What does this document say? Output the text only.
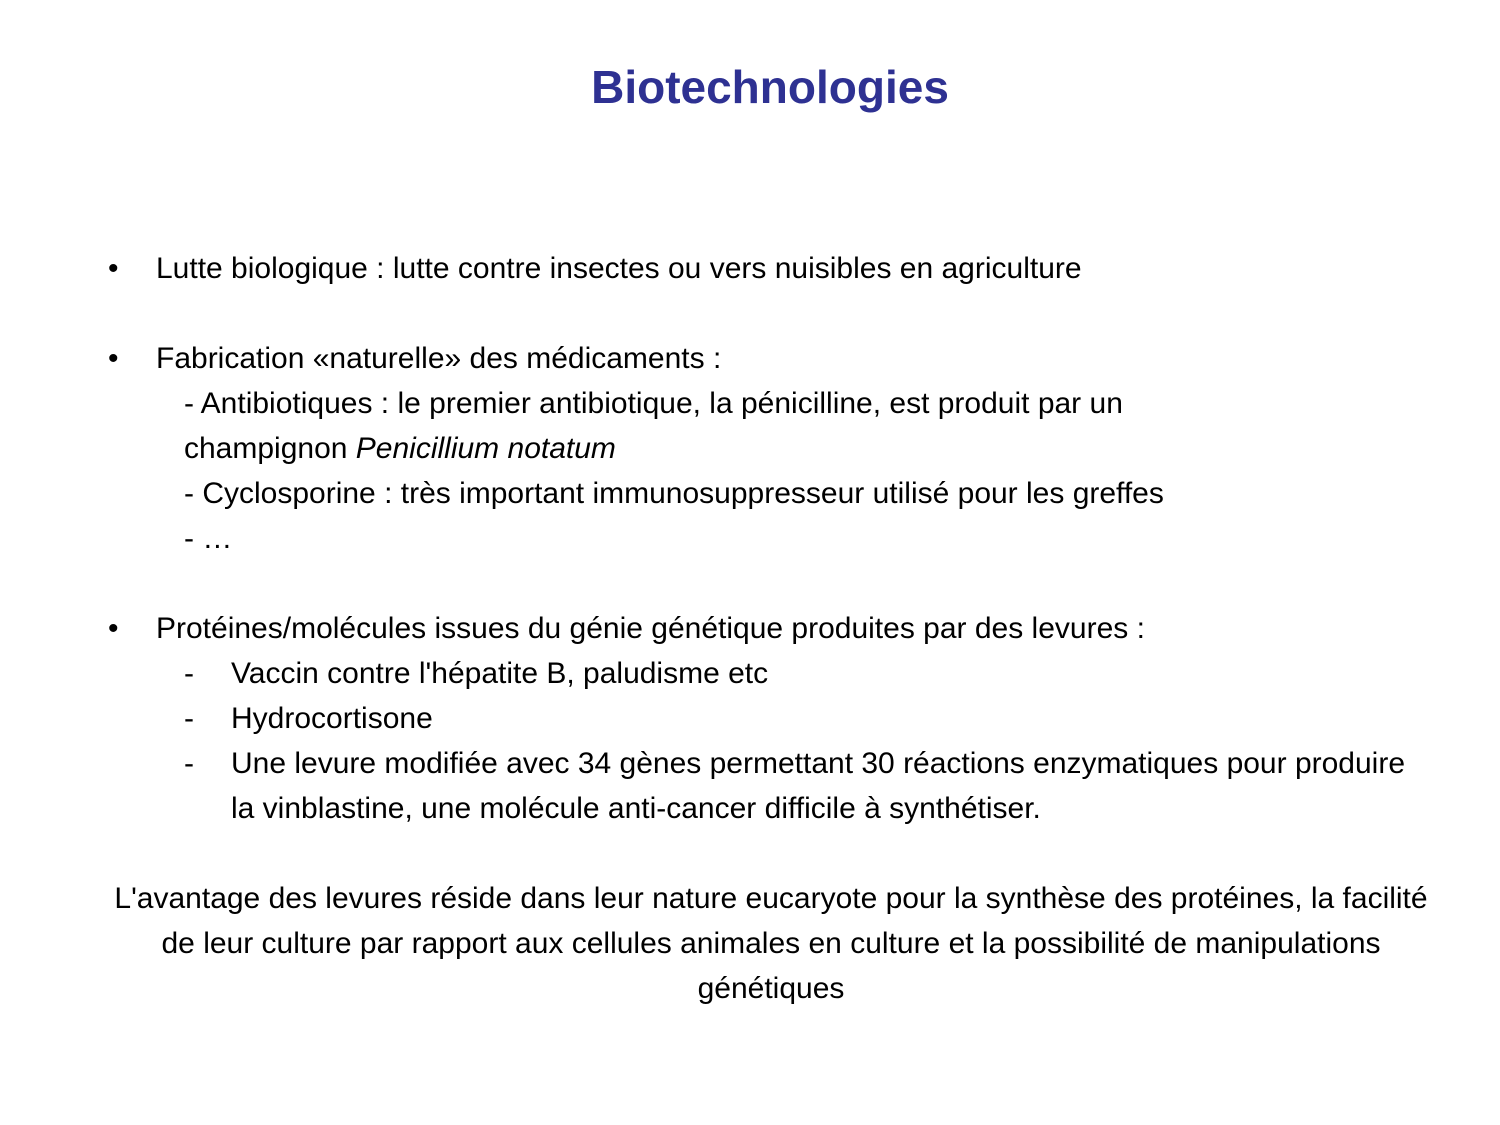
Biotechnologies
•	Lutte biologique : lutte contre insectes ou vers nuisibles en agriculture
•	Fabrication «naturelle» des médicaments :
- Antibiotiques : le premier antibiotique, la pénicilline, est produit par un
champignon Penicillium notatum
- Cyclosporine : très important immunosuppresseur utilisé pour les greffes
- …
•	Protéines/molécules issues du génie génétique produites par des levures :
- Vaccin contre l'hépatite B, paludisme etc
- Hydrocortisone
- Une levure modifiée avec 34 gènes permettant 30 réactions enzymatiques pour produire la vinblastine, une molécule anti-cancer difficile à synthétiser.
L'avantage des levures réside dans leur nature eucaryote pour la synthèse des protéines, la facilité de leur culture par rapport aux cellules animales en culture et la possibilité de manipulations génétiques
